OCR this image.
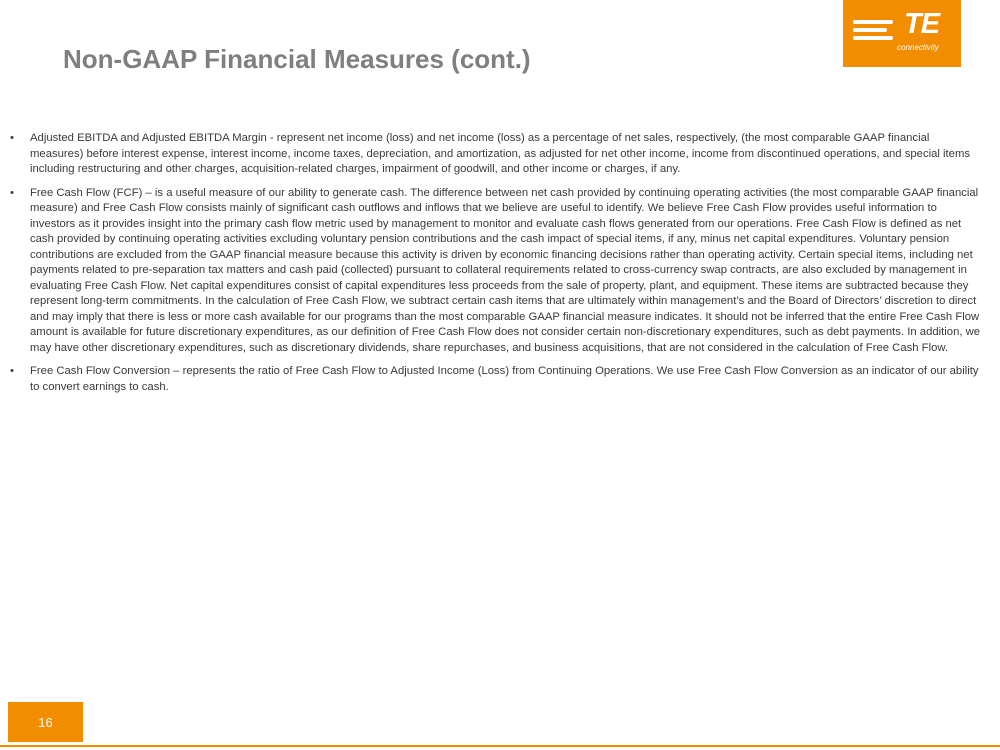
Non-GAAP Financial Measures (cont.)
TE
connectivity
•	Adjusted EBITDA and Adjusted EBITDA Margin - represent net income (loss) and net income (loss) as a percentage of net sales, respectively, (the most comparable GAAP financial measures) before interest expense, interest income, income taxes, depreciation, and amortization, as adjusted for net other income, income from discontinued operations, and special items including restructuring and other charges, acquisition-related charges, impairment of goodwill, and other income or charges, if any.
•	Free Cash Flow (FCF) – is a useful measure of our ability to generate cash. The difference between net cash provided by continuing operating activities (the most comparable GAAP financial measure) and Free Cash Flow consists mainly of significant cash outflows and inflows that we believe are useful to identify. We believe Free Cash Flow provides useful information to investors as it provides insight into the primary cash flow metric used by management to monitor and evaluate cash flows generated from our operations. Free Cash Flow is defined as net cash provided by continuing operating activities excluding voluntary pension contributions and the cash impact of special items, if any, minus net capital expenditures. Voluntary pension contributions are excluded from the GAAP financial measure because this activity is driven by economic financing decisions rather than operating activity. Certain special items, including net payments related to pre-separation tax matters and cash paid (collected) pursuant to collateral requirements related to cross-currency swap contracts, are also excluded by management in evaluating Free Cash Flow. Net capital expenditures consist of capital expenditures less proceeds from the sale of property, plant, and equipment. These items are subtracted because they represent long-term commitments. In the calculation of Free Cash Flow, we subtract certain cash items that are ultimately within management’s and the Board of Directors’ discretion to direct and may imply that there is less or more cash available for our programs than the most comparable GAAP financial measure indicates. It should not be inferred that the entire Free Cash Flow amount is available for future discretionary expenditures, as our definition of Free Cash Flow does not consider certain non-discretionary expenditures, such as debt payments. In addition, we may have other discretionary expenditures, such as discretionary dividends, share repurchases, and business acquisitions, that are not considered in the calculation of Free Cash Flow.
•	Free Cash Flow Conversion – represents the ratio of Free Cash Flow to Adjusted Income (Loss) from Continuing Operations. We use Free Cash Flow Conversion as an indicator of our ability to convert earnings to cash.
16
